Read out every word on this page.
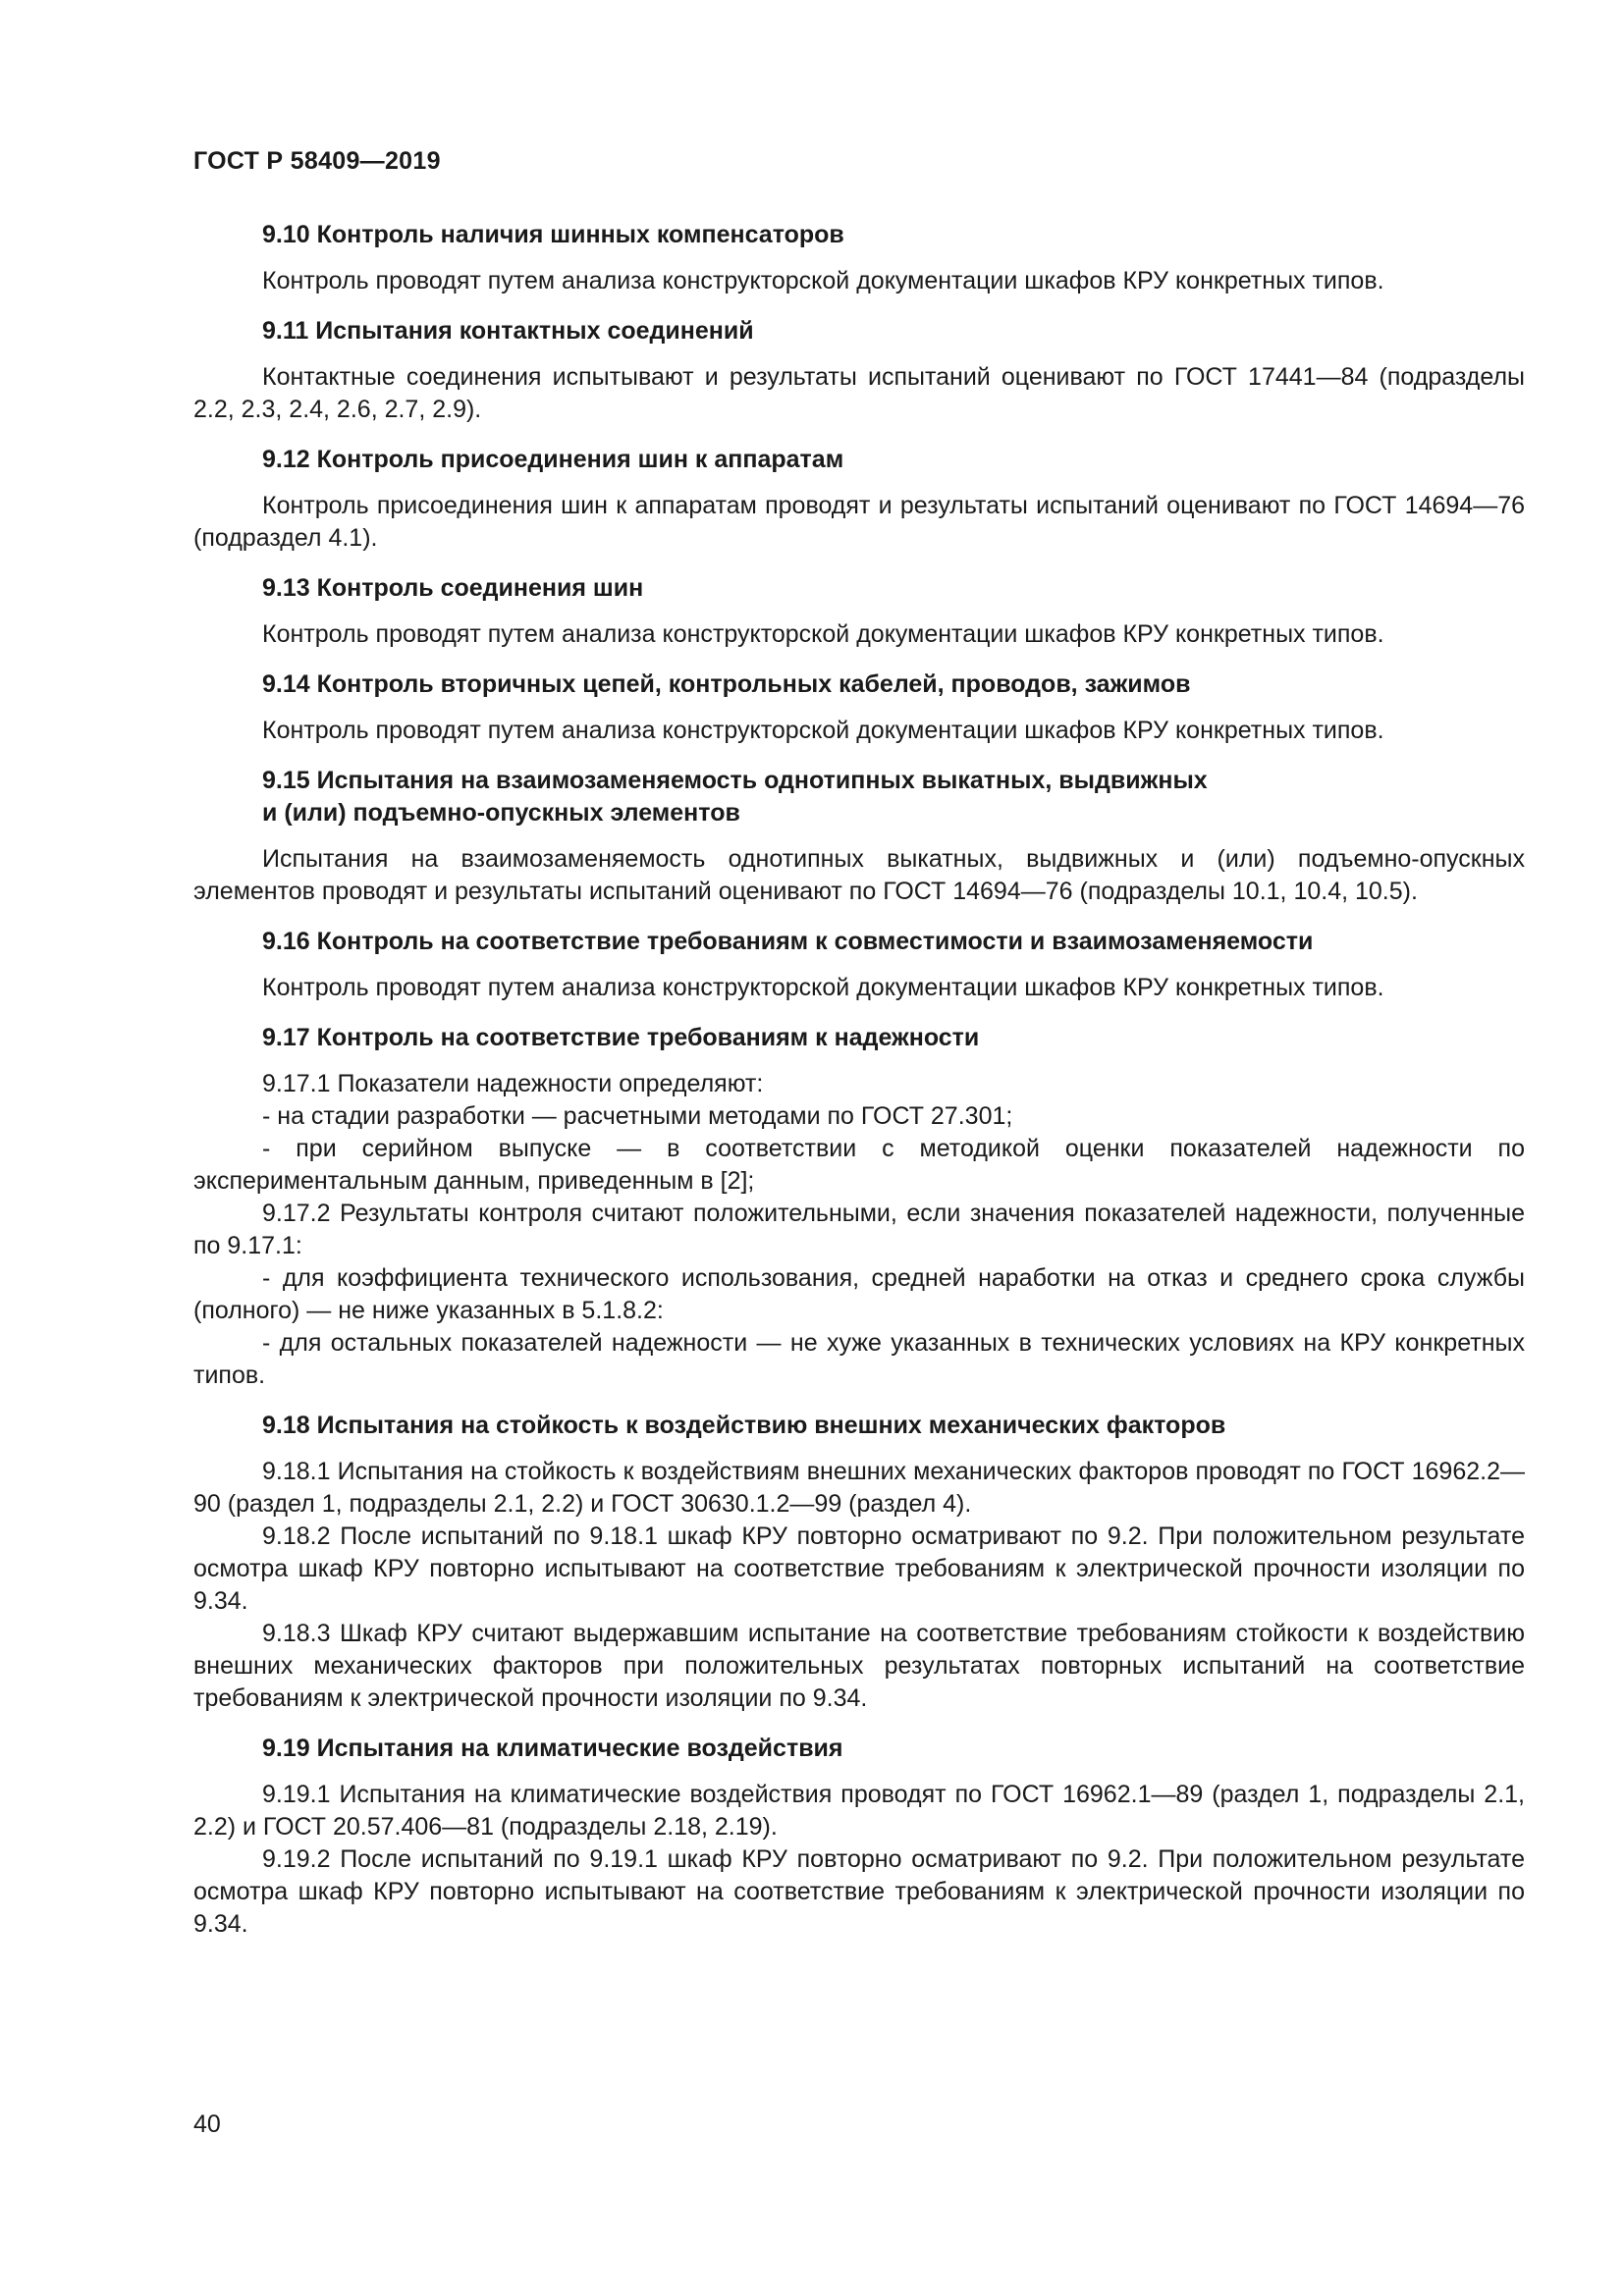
ГОСТ Р 58409—2019
9.10 Контроль наличия шинных компенсаторов

Контроль проводят путем анализа конструкторской документации шкафов КРУ конкретных типов.

9.11 Испытания контактных соединений

Контактные соединения испытывают и результаты испытаний оценивают по ГОСТ 17441—84 (подразделы 2.2, 2.3, 2.4, 2.6, 2.7, 2.9).

9.12 Контроль присоединения шин к аппаратам

Контроль присоединения шин к аппаратам проводят и результаты испытаний оценивают по ГОСТ 14694—76 (подраздел 4.1).

9.13 Контроль соединения шин

Контроль проводят путем анализа конструкторской документации шкафов КРУ конкретных типов.

9.14 Контроль вторичных цепей, контрольных кабелей, проводов, зажимов

Контроль проводят путем анализа конструкторской документации шкафов КРУ конкретных типов.

9.15 Испытания на взаимозаменяемость однотипных выкатных, выдвижных
и (или) подъемно-опускных элементов

Испытания на взаимозаменяемость однотипных выкатных, выдвижных и (или) подъемно-опускных элементов проводят и результаты испытаний оценивают по ГОСТ 14694—76 (подразделы 10.1, 10.4, 10.5).

9.16 Контроль на соответствие требованиям к совместимости и взаимозаменяемости

Контроль проводят путем анализа конструкторской документации шкафов КРУ конкретных типов.

9.17 Контроль на соответствие требованиям к надежности

9.17.1 Показатели надежности определяют:

- на стадии разработки — расчетными методами по ГОСТ 27.301;

- при серийном выпуске — в соответствии с методикой оценки показателей надежности по экспериментальным данным, приведенным в [2];

9.17.2 Результаты контроля считают положительными, если значения показателей надежности, полученные по 9.17.1:

- для коэффициента технического использования, средней наработки на отказ и среднего срока службы (полного) — не ниже указанных в 5.1.8.2:

- для остальных показателей надежности — не хуже указанных в технических условиях на КРУ конкретных типов.

9.18 Испытания на стойкость к воздействию внешних механических факторов

9.18.1 Испытания на стойкость к воздействиям внешних механических факторов проводят по ГОСТ 16962.2—90 (раздел 1, подразделы 2.1, 2.2) и ГОСТ 30630.1.2—99 (раздел 4).

9.18.2 После испытаний по 9.18.1 шкаф КРУ повторно осматривают по 9.2. При положительном результате осмотра шкаф КРУ повторно испытывают на соответствие требованиям к электрической прочности изоляции по 9.34.

9.18.3 Шкаф КРУ считают выдержавшим испытание на соответствие требованиям стойкости к воздействию внешних механических факторов при положительных результатах повторных испытаний на соответствие требованиям к электрической прочности изоляции по 9.34.

9.19 Испытания на климатические воздействия

9.19.1 Испытания на климатические воздействия проводят по ГОСТ 16962.1—89 (раздел 1, подразделы 2.1, 2.2) и ГОСТ 20.57.406—81 (подразделы 2.18, 2.19).

9.19.2 После испытаний по 9.19.1 шкаф КРУ повторно осматривают по 9.2. При положительном результате осмотра шкаф КРУ повторно испытывают на соответствие требованиям к электрической прочности изоляции по 9.34.

40
